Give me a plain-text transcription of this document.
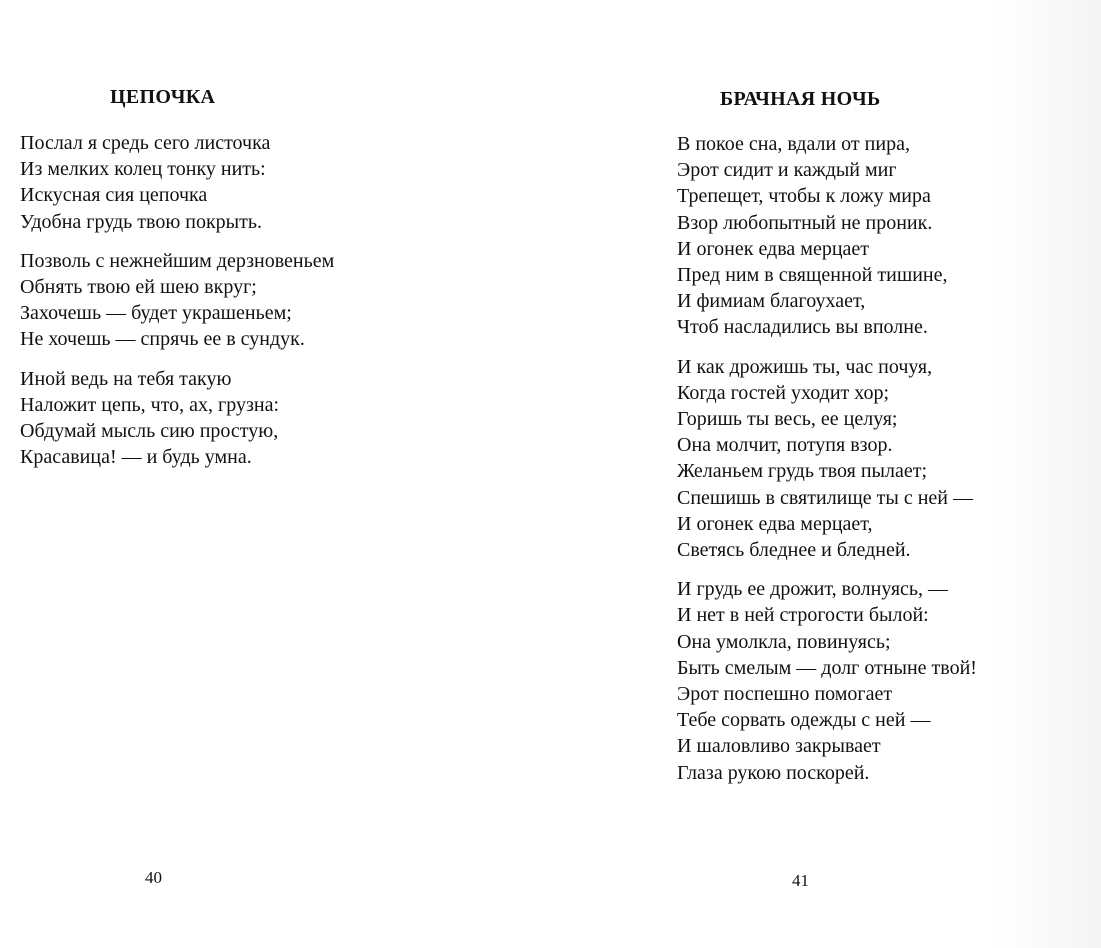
ЦЕПОЧКА

Послал я средь сего листочка
Из мелких колец тонку нить:
Искусная сия цепочка
Удобна грудь твою покрыть.

Позволь с нежнейшим дерзновеньем
Обнять твою ей шею вкруг;
Захочешь — будет украшеньем;
Не хочешь — спрячь ее в сундук.

Иной ведь на тебя такую
Наложит цепь, что, ах, грузна:
Обдумай мысль сию простую,
Красавица! — и будь умна.

40
БРАЧНАЯ НОЧЬ

В покое сна, вдали от пира,
Эрот сидит и каждый миг
Трепещет, чтобы к ложу мира
Взор любопытный не проник.
И огонек едва мерцает
Пред ним в священной тишине,
И фимиам благоухает,
Чтоб насладились вы вполне.

И как дрожишь ты, час почуя,
Когда гостей уходит хор;
Горишь ты весь, ее целуя;
Она молчит, потупя взор.
Желаньем грудь твоя пылает;
Спешишь в святилище ты с ней —
И огонек едва мерцает,
Светясь бледнее и бледней.

И грудь ее дрожит, волнуясь, —
И нет в ней строгости былой:
Она умолкла, повинуясь;
Быть смелым — долг отныне твой!
Эрот поспешно помогает
Тебе сорвать одежды с ней —
И шаловливо закрывает
Глаза рукою поскорей.

41
